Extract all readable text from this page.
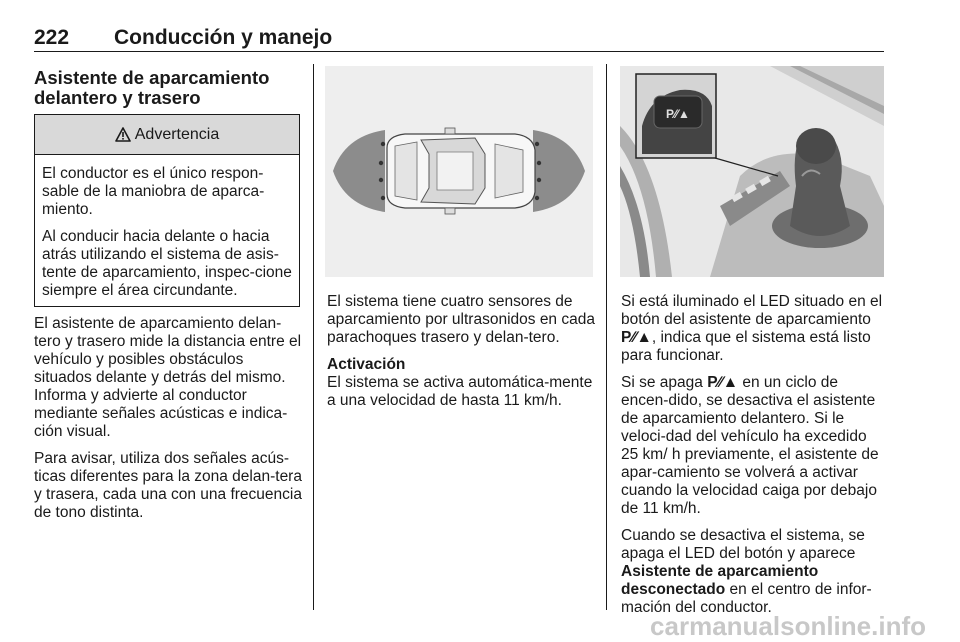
222 Conducción y manejo
Asistente de aparcamiento
delantero y trasero
Advertencia

El conductor es el único respon-sable de la maniobra de aparca-miento.

Al conducir hacia delante o hacia atrás utilizando el sistema de asis-tente de aparcamiento, inspec-cione siempre el área circundante.

El asistente de aparcamiento delan-tero y trasero mide la distancia entre el vehículo y posibles obstáculos situados delante y detrás del mismo. Informa y advierte al conductor mediante señales acústicas e indica-ción visual.

Para avisar, utiliza dos señales acús-ticas diferentes para la zona delan-tera y trasera, cada una con una frecuencia de tono distinta.

El sistema tiene cuatro sensores de aparcamiento por ultrasonidos en cada parachoques trasero y delan-tero.

Activación

El sistema se activa automática-mente a una velocidad de hasta 11 km/h.

P⁄⁄▲

Si está iluminado el LED situado en el botón del asistente de aparcamiento P∕∕▲, indica que el sistema está listo para funcionar.

Si se apaga P∕∕▲ en un ciclo de encen-dido, se desactiva el asistente de aparcamiento delantero. Si le veloci-dad del vehículo ha excedido 25 km/ h previamente, el asistente de apar-camiento se volverá a activar cuando la velocidad caiga por debajo de 11 km/h.

Cuando se desactiva el sistema, se apaga el LED del botón y aparece Asistente de aparcamiento desconectado en el centro de infor-mación del conductor.

carmanualsonline.info
